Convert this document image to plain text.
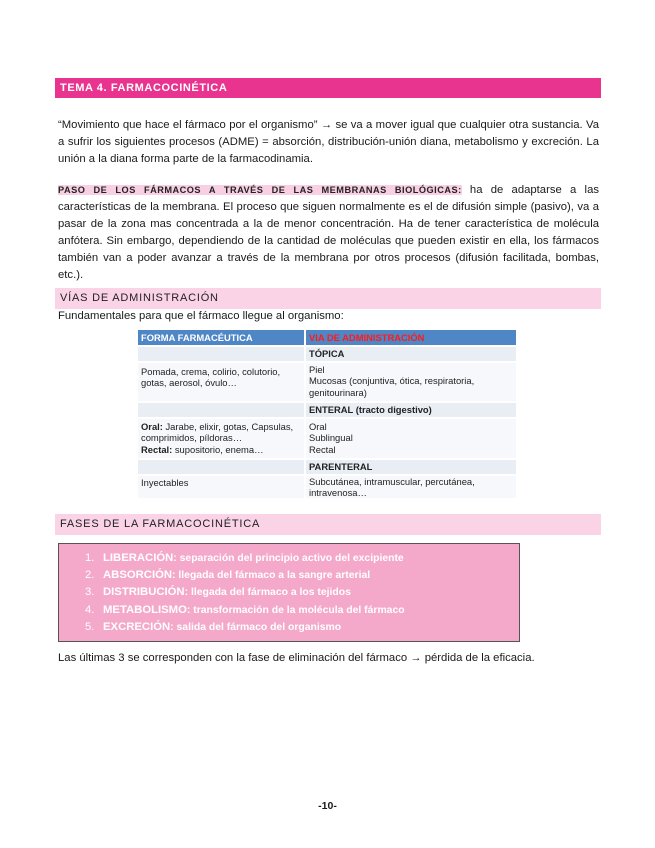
TEMA 4. FARMACOCINÉTICA

“Movimiento que hace el fármaco por el organismo” → se va a mover igual que cualquier otra sustancia. Va a sufrir los siguientes procesos (ADME) = absorción, distribución-unión diana, metabolismo y excreción. La unión a la diana forma parte de la farmacodinamia.

PASO DE LOS FÁRMACOS A TRAVÉS DE LAS MEMBRANAS BIOLÓGICAS: ha de adaptarse a las características de la membrana. El proceso que siguen normalmente es el de difusión simple (pasivo), va a pasar de la zona mas concentrada a la de menor concentración. Ha de tener característica de molécula anfótera. Sin embargo, dependiendo de la cantidad de moléculas que pueden existir en ella, los fármacos también van a poder avanzar a través de la membrana por otros procesos (difusión facilitada, bombas, etc.).

VÍAS DE ADMINISTRACIÓN

Fundamentales para que el fármaco llegue al organismo:

FORMA FARMACÉUTICA	VIA DE ADMINISTRACIÓN
TÓPICA
Pomada, crema, colirio, colutorio,
gotas, aerosol, óvulo…
Piel
Mucosas (conjuntiva, ótica, respiratoria,
genitourinara)
ENTERAL (tracto digestivo)
Oral: Jarabe, elixir, gotas, Capsulas,
comprimidos, píldoras…
Rectal: supositorio, enema…
Oral
Sublingual
Rectal
PARENTERAL
Inyectables	Subcutánea, intramuscular, percutánea,
intravenosa…
FASES DE LA FARMACOCINÉTICA
1. LIBERACIÓN: separación del principio activo del excipiente
2. ABSORCIÓN: llegada del fármaco a la sangre arterial
3. DISTRIBUCIÓN: llegada del fármaco a los tejidos
4. METABOLISMO: transformación de la molécula del fármaco
5. EXCRECIÓN: salida del fármaco del organismo

Las últimas 3 se corresponden con la fase de eliminación del fármaco → pérdida de la eficacia.

-10-
